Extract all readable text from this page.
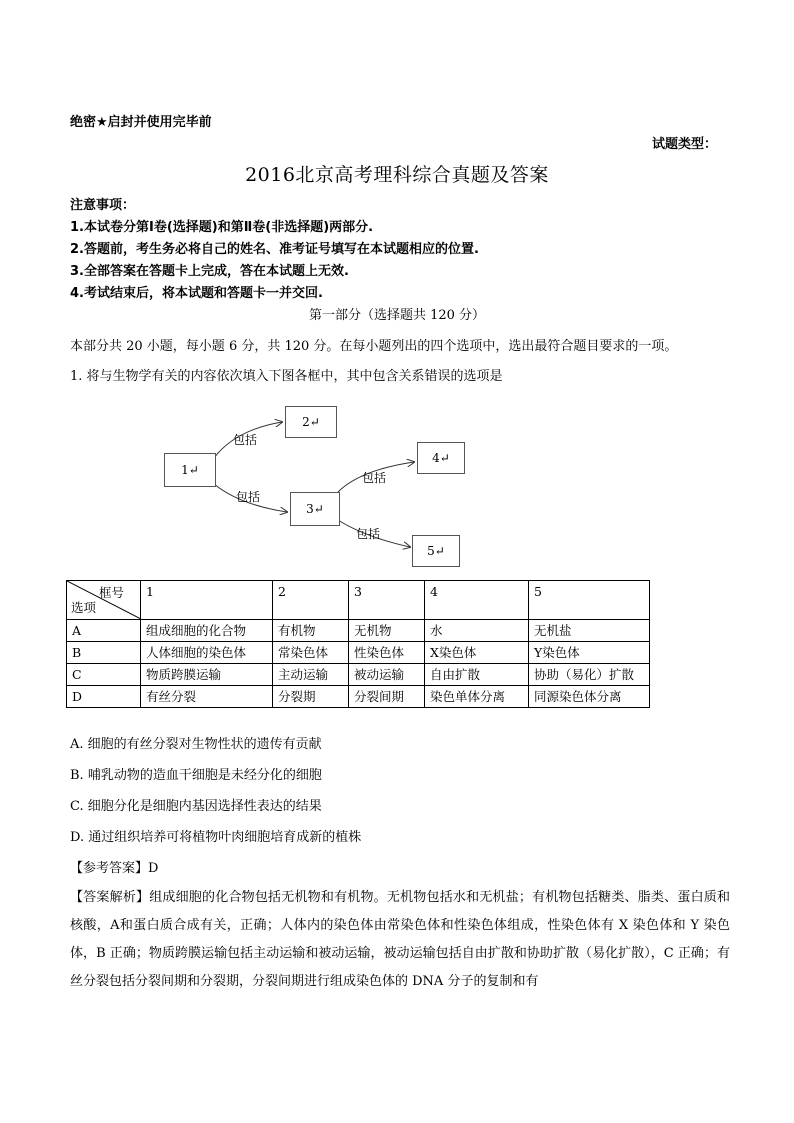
绝密★启封并使用完毕前
试题类型：
2016北京高考理科综合真题及答案
注意事项：
1.本试卷分第Ⅰ卷(选择题)和第Ⅱ卷(非选择题)两部分.
2.答题前，考生务必将自己的姓名、准考证号填写在本试题相应的位置.
3.全部答案在答题卡上完成，答在本试题上无效.
4.考试结束后，将本试题和答题卡一并交回.
第一部分（选择题共 120 分）
本部分共 20 小题，每小题 6 分，共 120 分。在每小题列出的四个选项中，选出最符合题目要求的一项。
1. 将与生物学有关的内容依次填入下图各框中，其中包含关系错误的选项是
1↵
2↵
3↵
4↵
5↵
包括
包括
包括
包括
框号
选项	1	2	3	4	5
A	组成细胞的化合物	有机物	无机物	水	无机盐
B	人体细胞的染色体	常染色体	性染色体	X染色体	Y染色体
C	物质跨膜运输	主动运输	被动运输	自由扩散	协助（易化）扩散
D	有丝分裂	分裂期	分裂间期	染色单体分离	同源染色体分离
A. 细胞的有丝分裂对生物性状的遗传有贡献
B. 哺乳动物的造血干细胞是未经分化的细胞
C. 细胞分化是细胞内基因选择性表达的结果
D. 通过组织培养可将植物叶肉细胞培育成新的植株
【参考答案】D
【答案解析】组成细胞的化合物包括无机物和有机物。无机物包括水和无机盐；有机物包括糖类、脂类、蛋白质和核酸，A和蛋白质合成有关，正确；人体内的染色体由常染色体和性染色体组成，性染色体有 X 染色体和 Y 染色体，B 正确；物质跨膜运输包括主动运输和被动运输，被动运输包括自由扩散和协助扩散（易化扩散），C 正确；有丝分裂包括分裂间期和分裂期，分裂间期进行组成染色体的 DNA 分子的复制和有
